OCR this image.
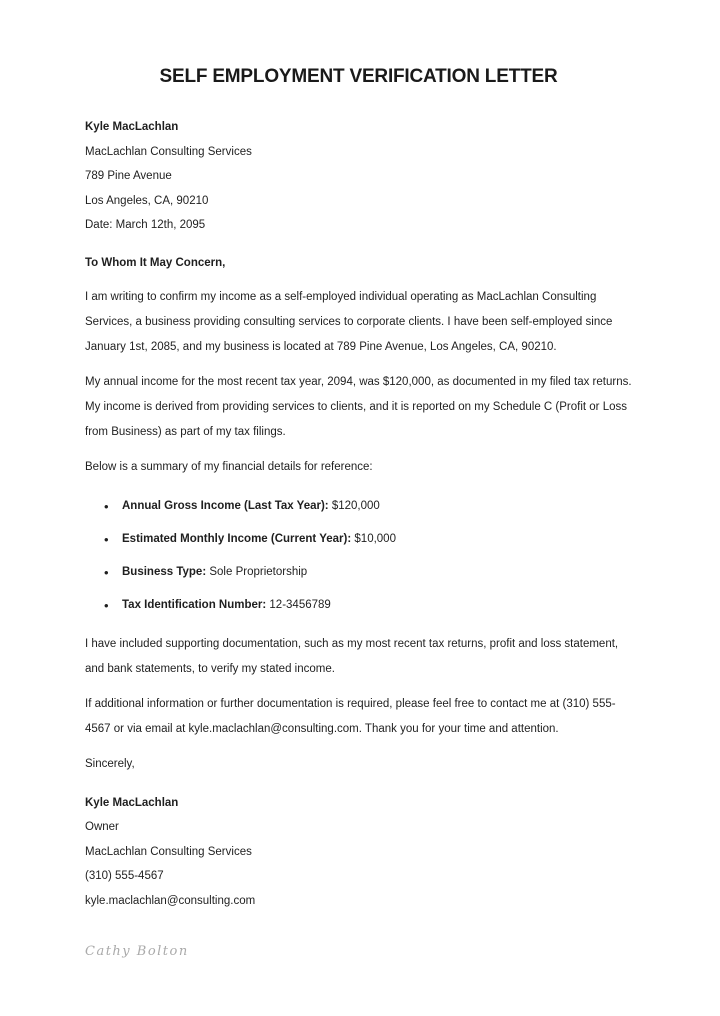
SELF EMPLOYMENT VERIFICATION LETTER

Kyle MacLachlan

MacLachlan Consulting Services

789 Pine Avenue

Los Angeles, CA, 90210

Date: March 12th, 2095

To Whom It May Concern,

I am writing to confirm my income as a self-employed individual operating as MacLachlan Consulting Services, a business providing consulting services to corporate clients. I have been self-employed since January 1st, 2085, and my business is located at 789 Pine Avenue, Los Angeles, CA, 90210.

My annual income for the most recent tax year, 2094, was $120,000, as documented in my filed tax returns. My income is derived from providing services to clients, and it is reported on my Schedule C (Profit or Loss from Business) as part of my tax filings.

Below is a summary of my financial details for reference:

• Annual Gross Income (Last Tax Year): $120,000
• Estimated Monthly Income (Current Year): $10,000
• Business Type: Sole Proprietorship
• Tax Identification Number: 12-3456789

I have included supporting documentation, such as my most recent tax returns, profit and loss statement, and bank statements, to verify my stated income.

If additional information or further documentation is required, please feel free to contact me at (310) 555-4567 or via email at kyle.maclachlan@consulting.com. Thank you for your time and attention.

Sincerely,

Kyle MacLachlan

Owner

MacLachlan Consulting Services

(310) 555-4567

kyle.maclachlan@consulting.com

Cathy Bolton
